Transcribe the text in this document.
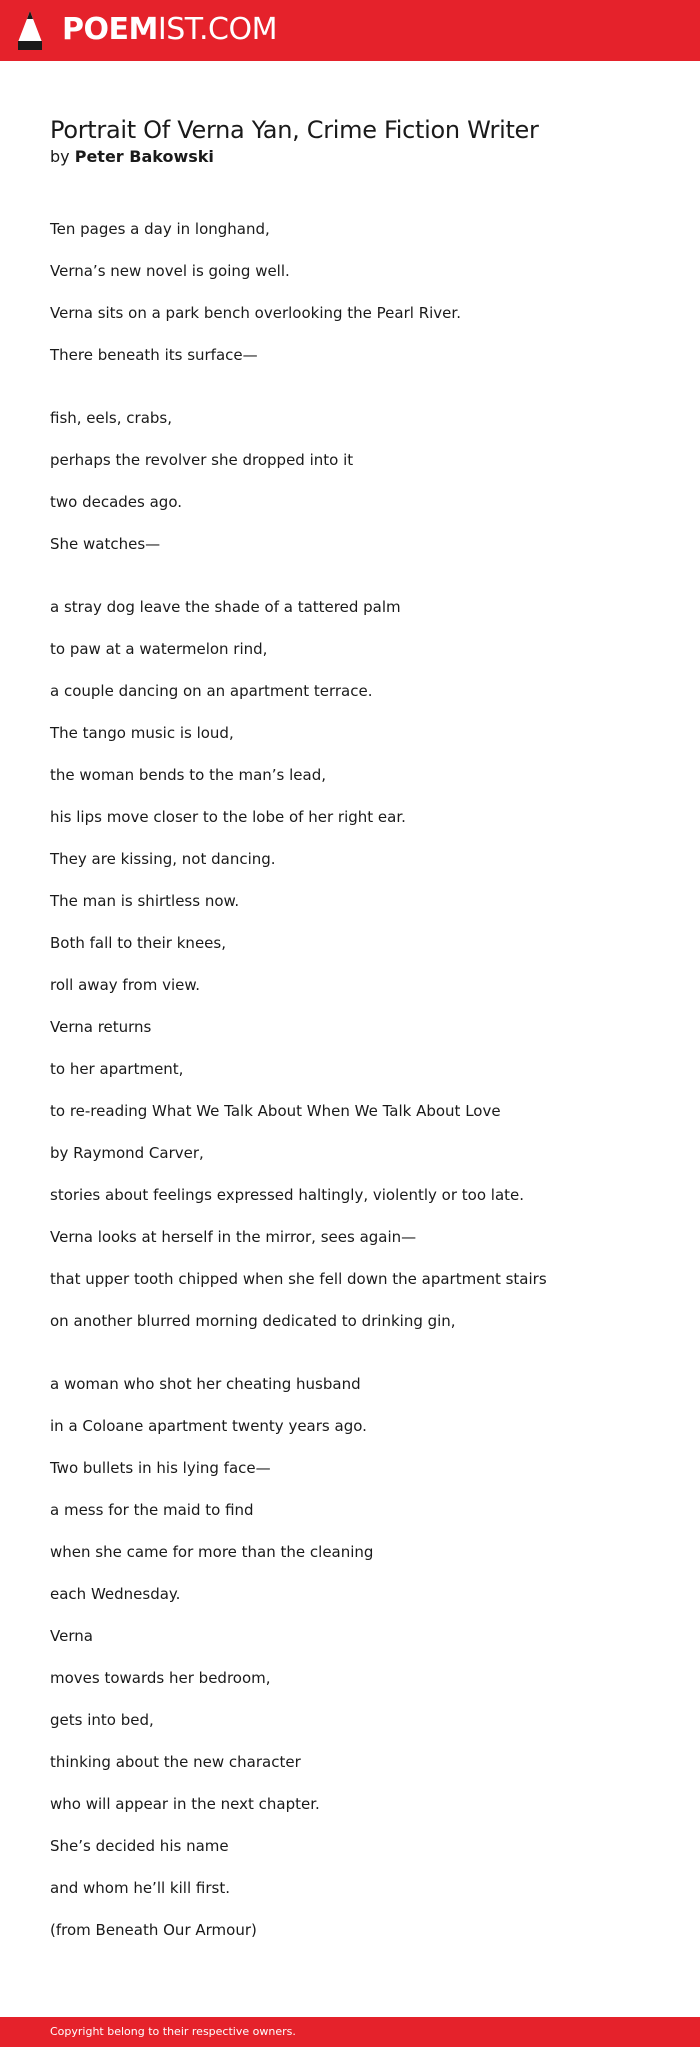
POEMIST.COM
Portrait Of Verna Yan, Crime Fiction Writer

by Peter Bakowski

Ten pages a day in longhand,
Verna’s new novel is going well.
Verna sits on a park bench overlooking the Pearl River.
There beneath its surface—
fish, eels, crabs,
perhaps the revolver she dropped into it
two decades ago.
She watches—
a stray dog leave the shade of a tattered palm
to paw at a watermelon rind,
a couple dancing on an apartment terrace.
The tango music is loud,
the woman bends to the man’s lead,
his lips move closer to the lobe of her right ear.
They are kissing, not dancing.
The man is shirtless now.
Both fall to their knees,
roll away from view.
Verna returns
to her apartment,
to re-reading What We Talk About When We Talk About Love
by Raymond Carver,
stories about feelings expressed haltingly, violently or too late.
Verna looks at herself in the mirror, sees again—
that upper tooth chipped when she fell down the apartment stairs
on another blurred morning dedicated to drinking gin,
a woman who shot her cheating husband
in a Coloane apartment twenty years ago.
Two bullets in his lying face—
a mess for the maid to find
when she came for more than the cleaning
each Wednesday.
Verna
moves towards her bedroom,
gets into bed,
thinking about the new character
who will appear in the next chapter.
She’s decided his name
and whom he’ll kill first.
(from Beneath Our Armour)
Copyright belong to their respective owners.
